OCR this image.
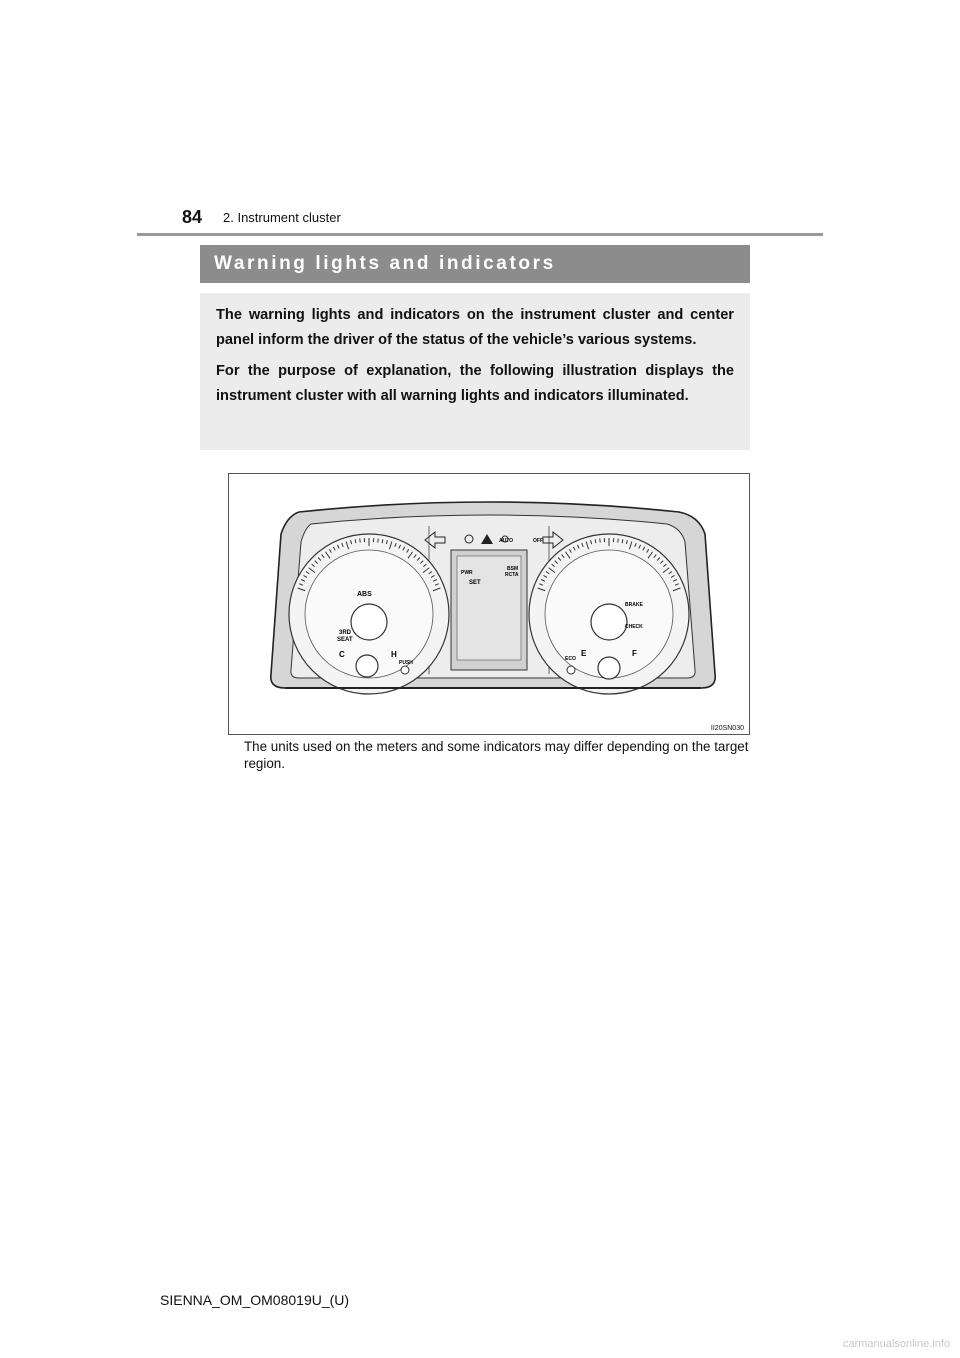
84 2. Instrument cluster
Warning lights and indicators

The warning lights and indicators on the instrument cluster and center panel inform the driver of the status of the vehicle’s various systems.

For the purpose of explanation, the following illustration displays the instrument cluster with all warning lights and indicators illuminated.

ABS
3RD
SEAT
C	H
PUSH
E	F
BRAKE
CHECK
ECO
SET
BSM
RCTA
PWR
AUTO	OFF
II20SN030
The units used on the meters and some indicators may differ depending on the target region.
SIENNA_OM_OM08019U_(U)
carmanualsonline.info
